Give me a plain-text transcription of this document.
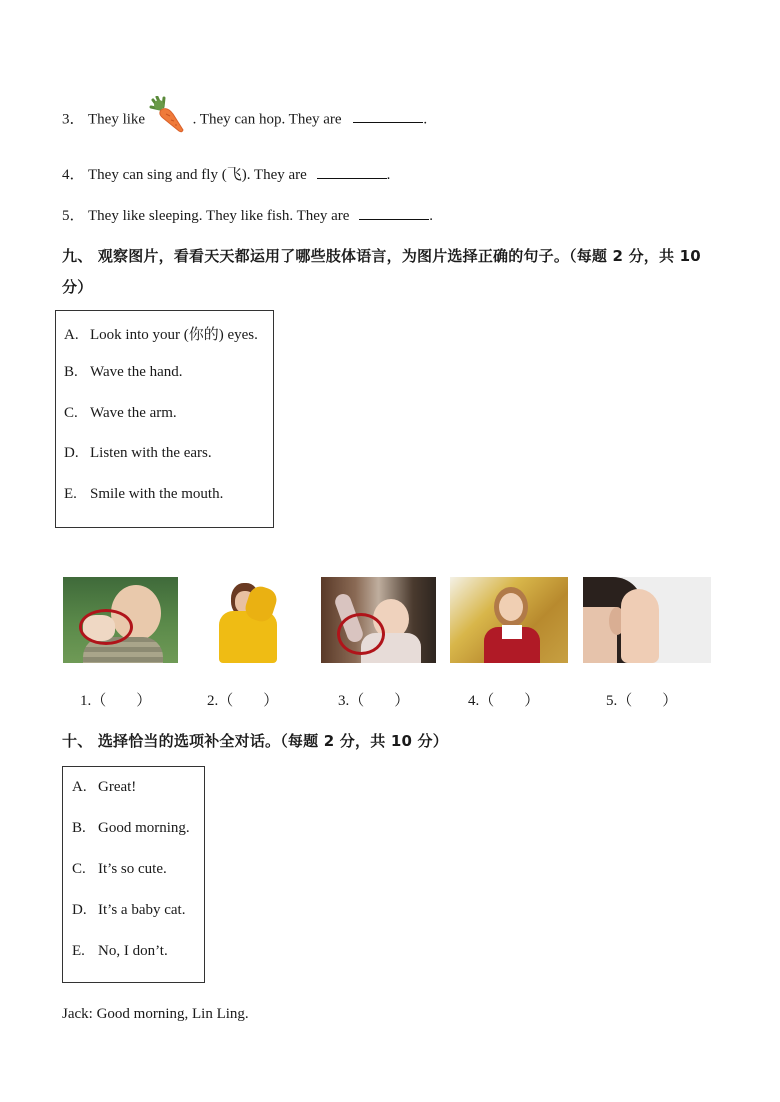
3． They like	. They can hop. They are	.
4． They can sing and fly (飞). They are	.
5． They like sleeping. They like fish. They are	.
九、 观察图片，看看天天都运用了哪些肢体语言，为图片选择正确的句子。（每题 2 分，共 10
分）
A. Look into your (你的) eyes.
B. Wave the hand.
C. Wave the arm.
D. Listen with the ears.
E. Smile with the mouth.
1.（        ）	2.（        ）	3.（        ）	4.（        ）	5.（        ）
十、 选择恰当的选项补全对话。（每题 2 分，共 10 分）
A. Great!
B. Good morning.
C. It’s so cute.
D. It’s a baby cat.
E. No, I don’t.
Jack: Good morning, Lin Ling.
